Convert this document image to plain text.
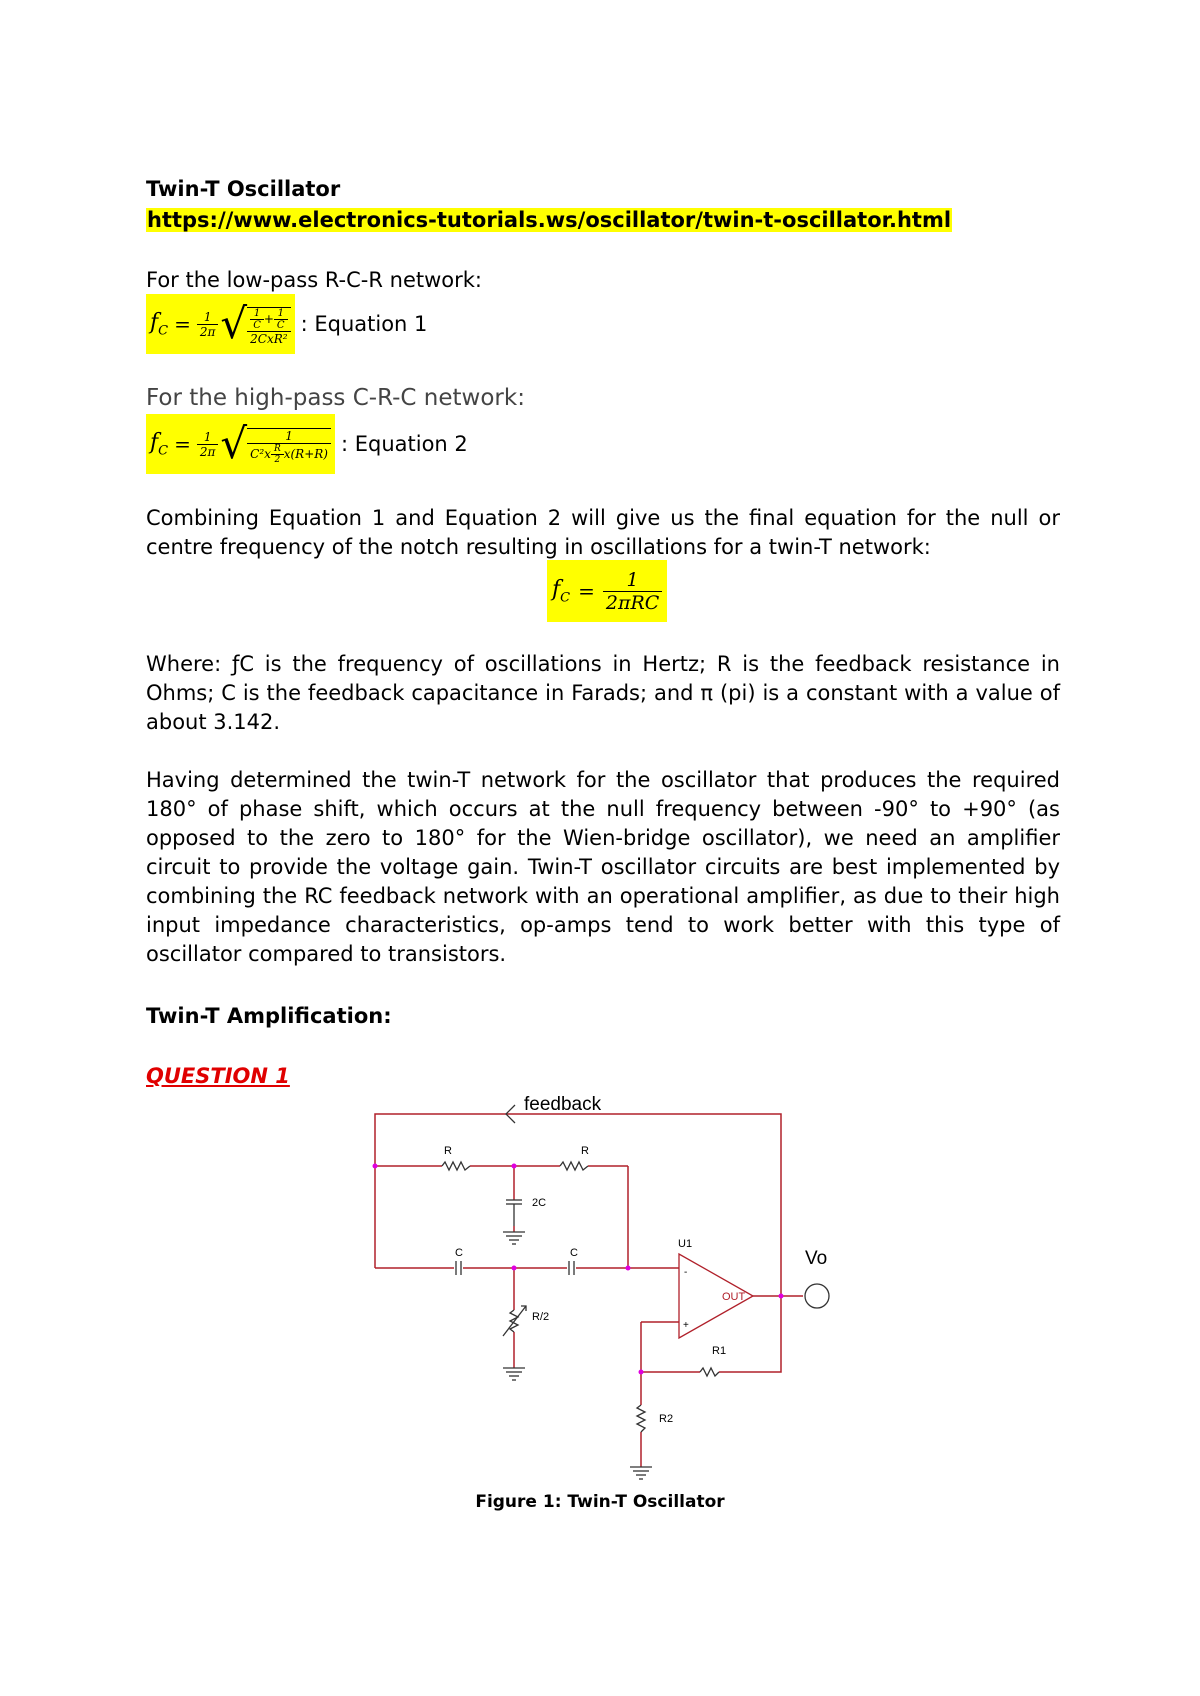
Twin-T Oscillator
https://www.electronics-tutorials.ws/oscillator/twin-t-oscillator.html
For the low-pass R-C-R network:
$f_C = \frac{1}{2\pi}$ √ $\frac{\frac{1}{C} + \frac{1}{C}}{\text{2CxR²}}$ : Equation 1
For the high-pass C-R-C network:
$f_C = \frac{1}{2\pi}$ √ $\frac{1}{C^2x \frac{R}{2} x(R+R)}$ : Equation 2
Combining Equation 1 and Equation 2 will give us the final equation for the null or centre frequency of the notch resulting in oscillations for a twin-T network:
$f_C = \frac{1}{\text{2πRC}}$
Where: ƒC is the frequency of oscillations in Hertz; R is the feedback resistance in Ohms; C is the feedback capacitance in Farads; and π (pi) is a constant with a value of about 3.142.
Having determined the twin-T network for the oscillator that produces the required 180° of phase shift, which occurs at the null frequency between -90° to +90° (as opposed to the zero to 180° for the Wien-bridge oscillator), we need an amplifier circuit to provide the voltage gain. Twin-T oscillator circuits are best implemented by combining the RC feedback network with an operational amplifier, as due to their high input impedance characteristics, op-amps tend to work better with this type of oscillator compared to transistors.
Twin-T Amplification:
QUESTION 1
feedback
R	R
2C
C	C
R/2
U1
OUT
Vo
R1
R2
-
+
Figure 1: Twin-T Oscillator
